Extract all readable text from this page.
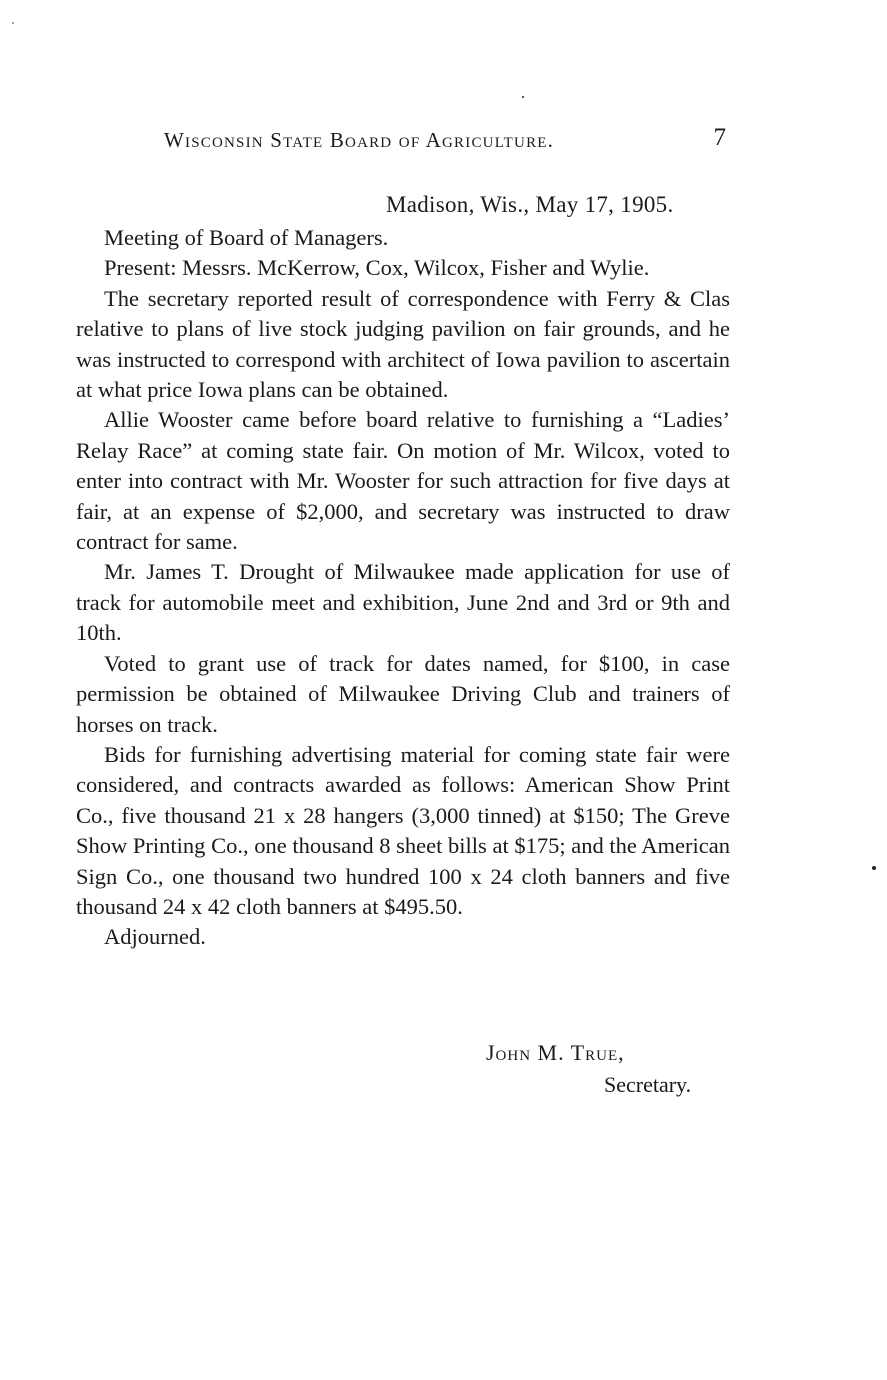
Wisconsin State Board of Agriculture.	7
Madison, Wis., May 17, 1905.

Meeting of Board of Managers.

Present: Messrs. McKerrow, Cox, Wilcox, Fisher and Wylie.

The secretary reported result of correspondence with Ferry & Clas relative to plans of live stock judging pavilion on fair grounds, and he was instructed to correspond with architect of Iowa pavilion to ascertain at what price Iowa plans can be obtained.

Allie Wooster came before board relative to furnishing a “Ladies’ Relay Race” at coming state fair. On motion of Mr. Wilcox, voted to enter into contract with Mr. Wooster for such attraction for five days at fair, at an expense of $2,000, and secretary was instructed to draw contract for same.

Mr. James T. Drought of Milwaukee made application for use of track for automobile meet and exhibition, June 2nd and 3rd or 9th and 10th.

Voted to grant use of track for dates named, for $100, in case permission be obtained of Milwaukee Driving Club and trainers of horses on track.

Bids for furnishing advertising material for coming state fair were considered, and contracts awarded as follows: American Show Print Co., five thousand 21 x 28 hangers (3,000 tinned) at $150; The Greve Show Printing Co., one thousand 8 sheet bills at $175; and the American Sign Co., one thousand two hundred 100 x 24 cloth banners and five thousand 24 x 42 cloth banners at $495.50.

Adjourned.

John M. True,
Secretary.
